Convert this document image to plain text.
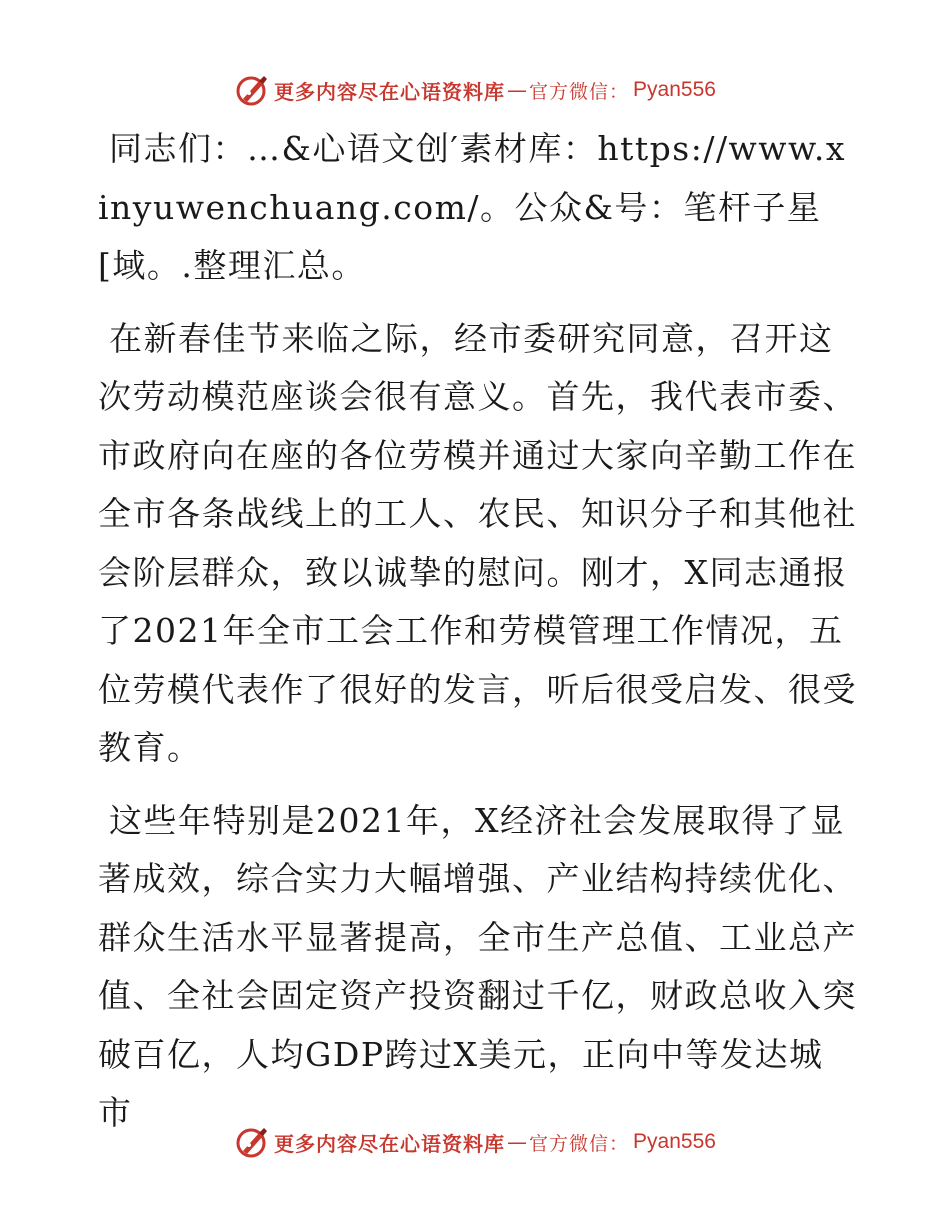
更多内容尽在心语资料库 — 官方微信： Pyan556

同志们：…&心语文创′素材库：https://www.xinyuwenchuang.com/。公众&号：笔杆子星[域。.整理汇总。

在新春佳节来临之际，经市委研究同意，召开这次劳动模范座谈会很有意义。首先，我代表市委、市政府向在座的各位劳模并通过大家向辛勤工作在全市各条战线上的工人、农民、知识分子和其他社会阶层群众，致以诚挚的慰问。刚才，X同志通报了2021年全市工会工作和劳模管理工作情况，五位劳模代表作了很好的发言，听后很受启发、很受教育。

这些年特别是2021年，X经济社会发展取得了显著成效，综合实力大幅增强、产业结构持续优化、群众生活水平显著提高，全市生产总值、工业总产值、全社会固定资产投资翻过千亿，财政总收入突破百亿，人均GDP跨过X美元，正向中等发达城市

更多内容尽在心语资料库 — 官方微信： Pyan556
